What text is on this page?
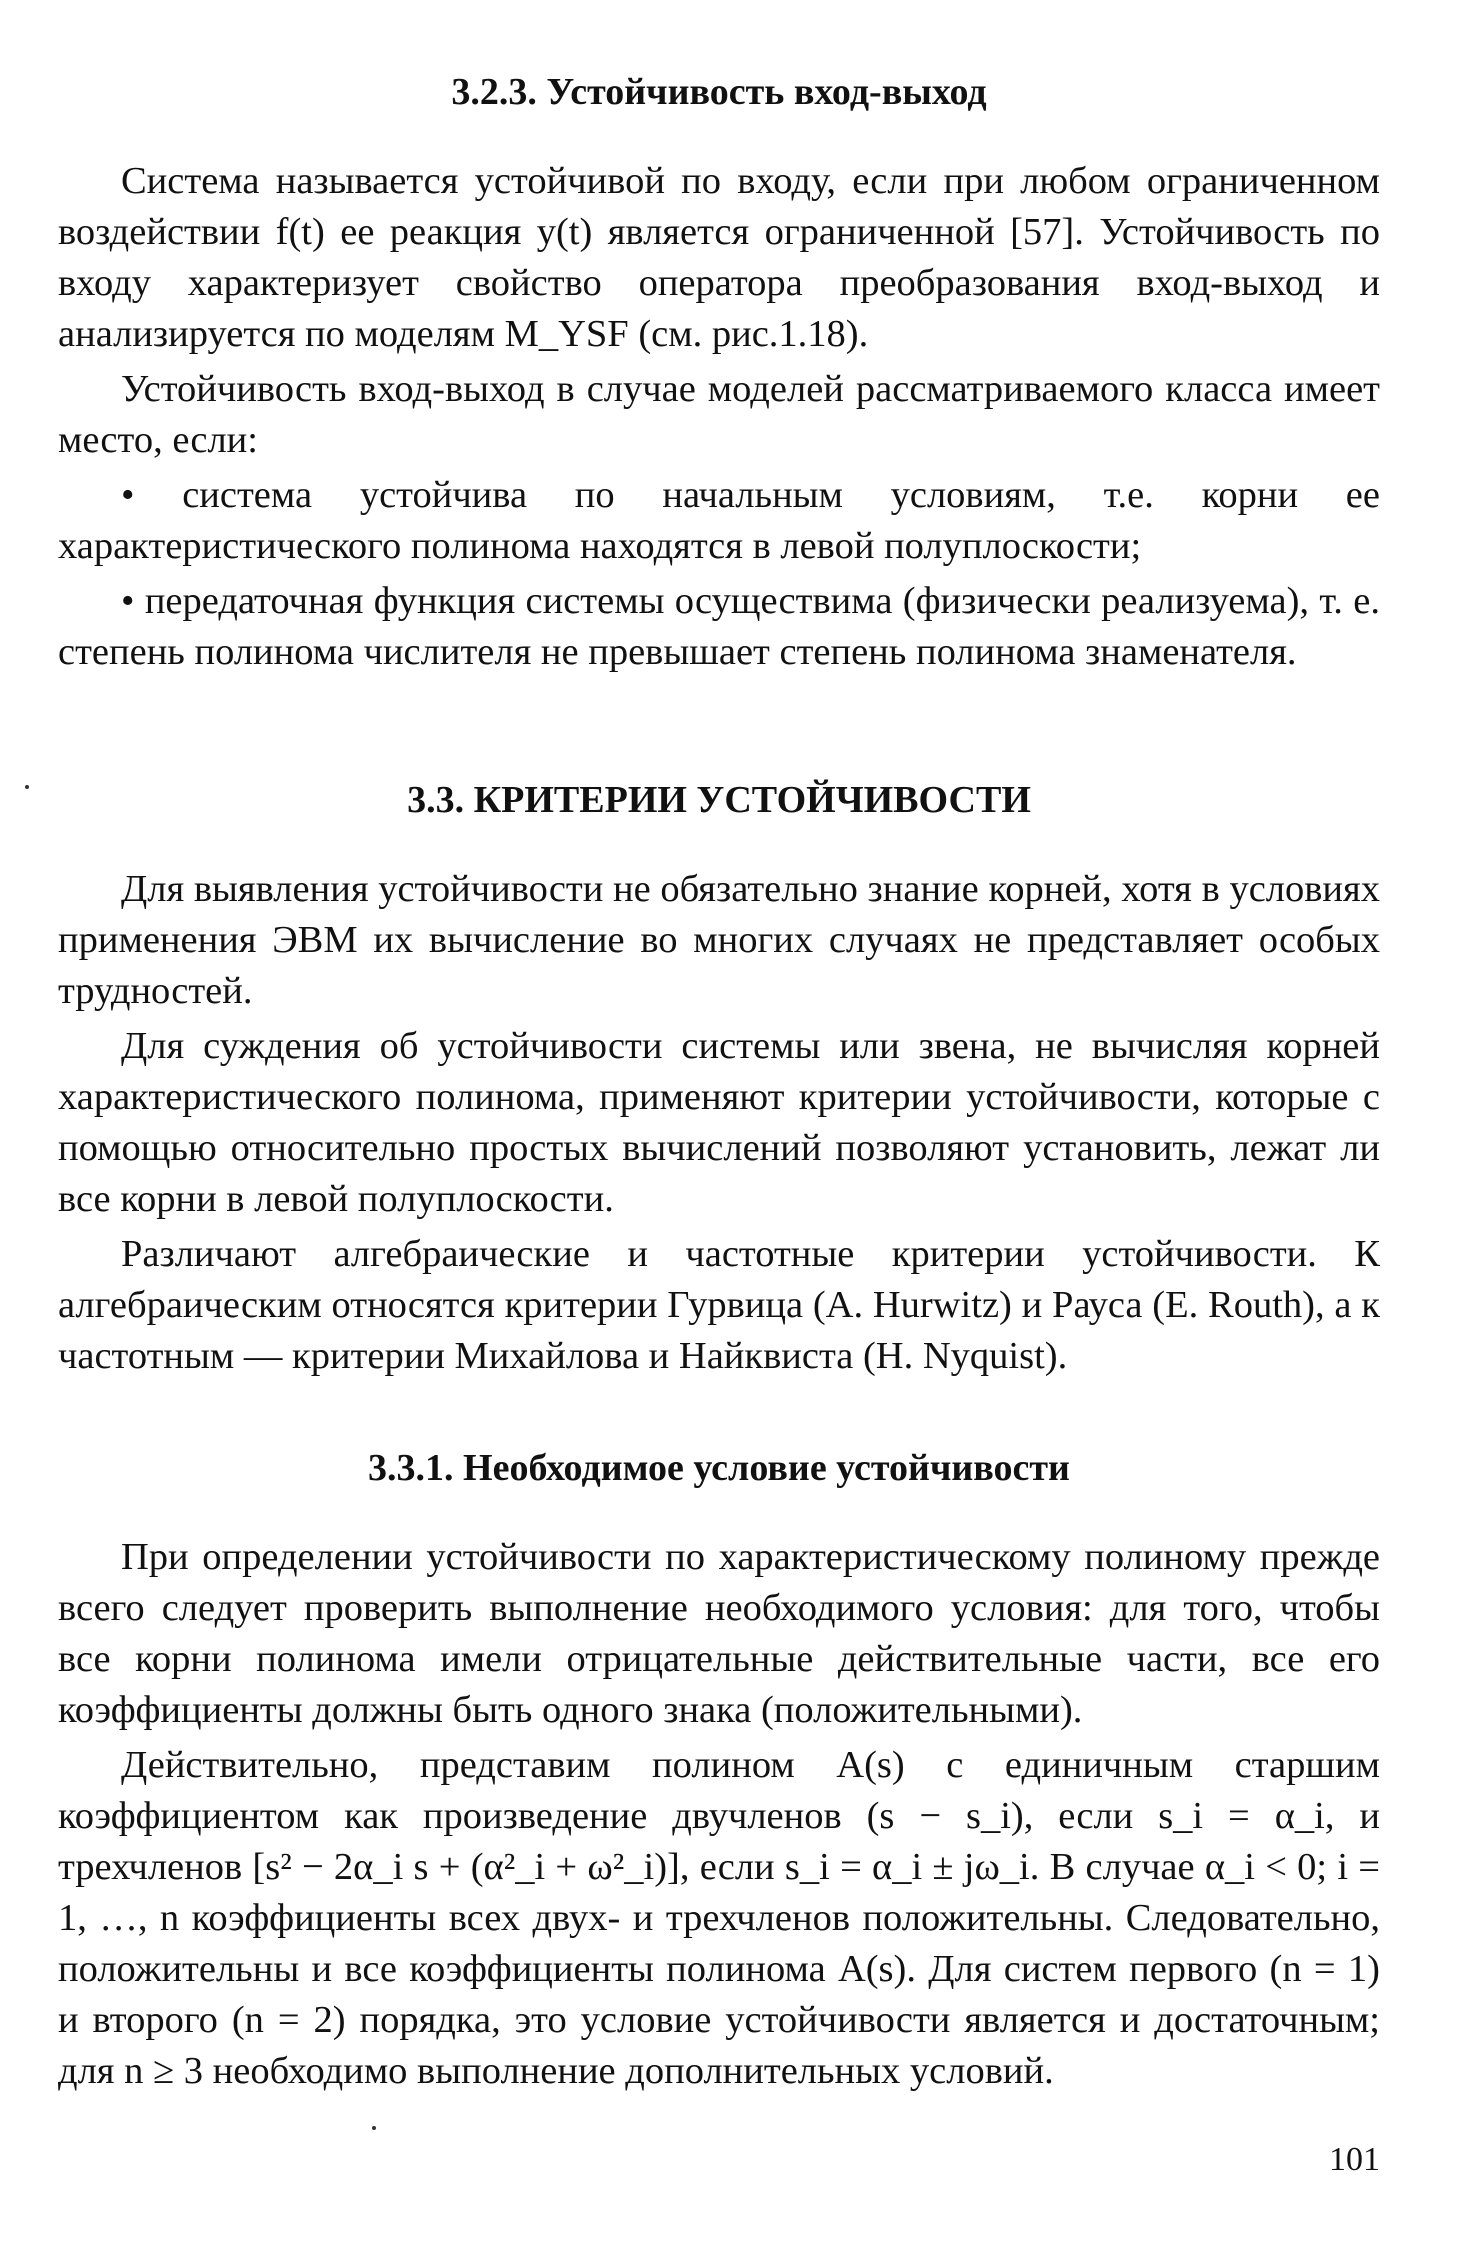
3.2.3. Устойчивость вход-выход

Система называется устойчивой по входу, если при любом ограниченном воздействии f(t) ее реакция y(t) является ограниченной [57]. Устойчивость по входу характеризует свойство оператора преобразования вход-выход и анализируется по моделям M_YSF (см. рис.1.18).

Устойчивость вход-выход в случае моделей рассматриваемого класса имеет место, если:

• система устойчива по начальным условиям, т.е. корни ее характеристического полинома находятся в левой полуплоскости;

• передаточная функция системы осуществима (физически реализуема), т. е. степень полинома числителя не превышает степень полинома знаменателя.

3.3. КРИТЕРИИ УСТОЙЧИВОСТИ

Для выявления устойчивости не обязательно знание корней, хотя в условиях применения ЭВМ их вычисление во многих случаях не представляет особых трудностей.

Для суждения об устойчивости системы или звена, не вычисляя корней характеристического полинома, применяют критерии устойчивости, которые с помощью относительно простых вычислений позволяют установить, лежат ли все корни в левой полуплоскости.

Различают алгебраические и частотные критерии устойчивости. К алгебраическим относятся критерии Гурвица (A. Hurwitz) и Рауса (E. Routh), а к частотным — критерии Михайлова и Найквиста (H. Nyquist).

3.3.1. Необходимое условие устойчивости

При определении устойчивости по характеристическому полиному прежде всего следует проверить выполнение необходимого условия: для того, чтобы все корни полинома имели отрицательные действительные части, все его коэффициенты должны быть одного знака (положительными).

Действительно, представим полином A(s) с единичным старшим коэффициентом как произведение двучленов (s − s_i), если s_i = α_i, и трехчленов [s² − 2α_i s + (α²_i + ω²_i)], если s_i = α_i ± jω_i. В случае α_i < 0; i = 1, …, n коэффициенты всех двух- и трехчленов положительны. Следовательно, положительны и все коэффициенты полинома A(s). Для систем первого (n = 1) и второго (n = 2) порядка, это условие устойчивости является и достаточным; для n ≥ 3 необходимо выполнение дополнительных условий.

101
